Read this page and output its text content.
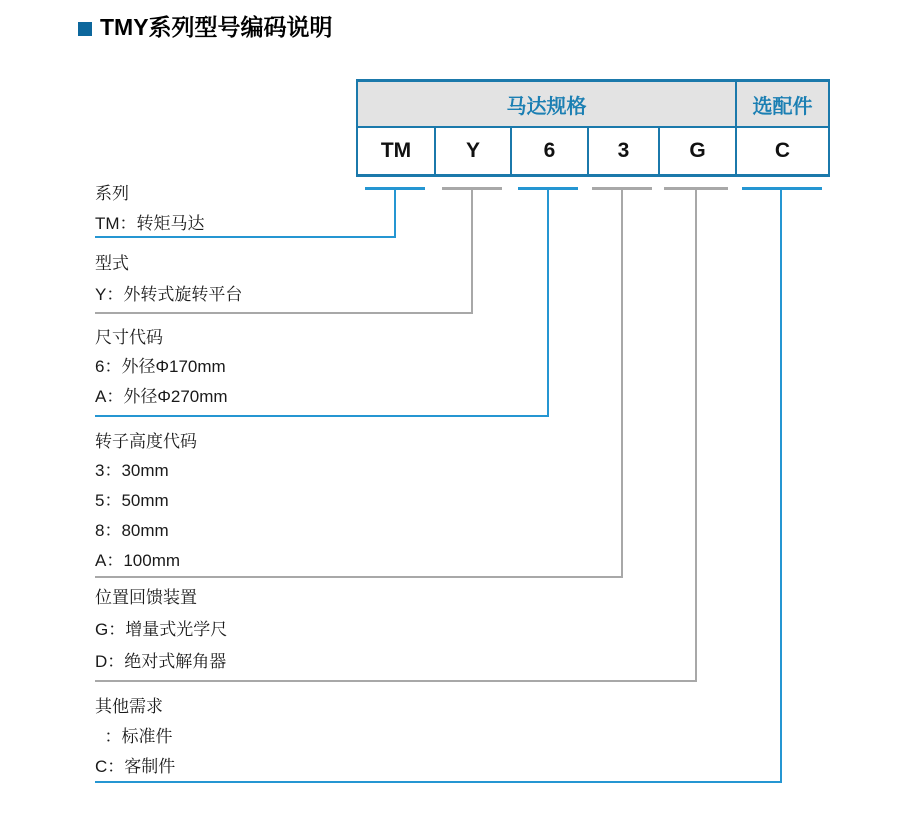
TMY系列型号编码说明
马达规格	选配件
TM	Y	6	3	G	C
系列
TM：转矩马达
型式
Y：外转式旋转平台
尺寸代码
6：外径Φ170mm
A：外径Φ270mm
转子高度代码
3：30mm
5：50mm
8：80mm
A：100mm
位置回馈装置
G：增量式光学尺
D：绝对式解角器
其他需求
：标准件
C：客制件
